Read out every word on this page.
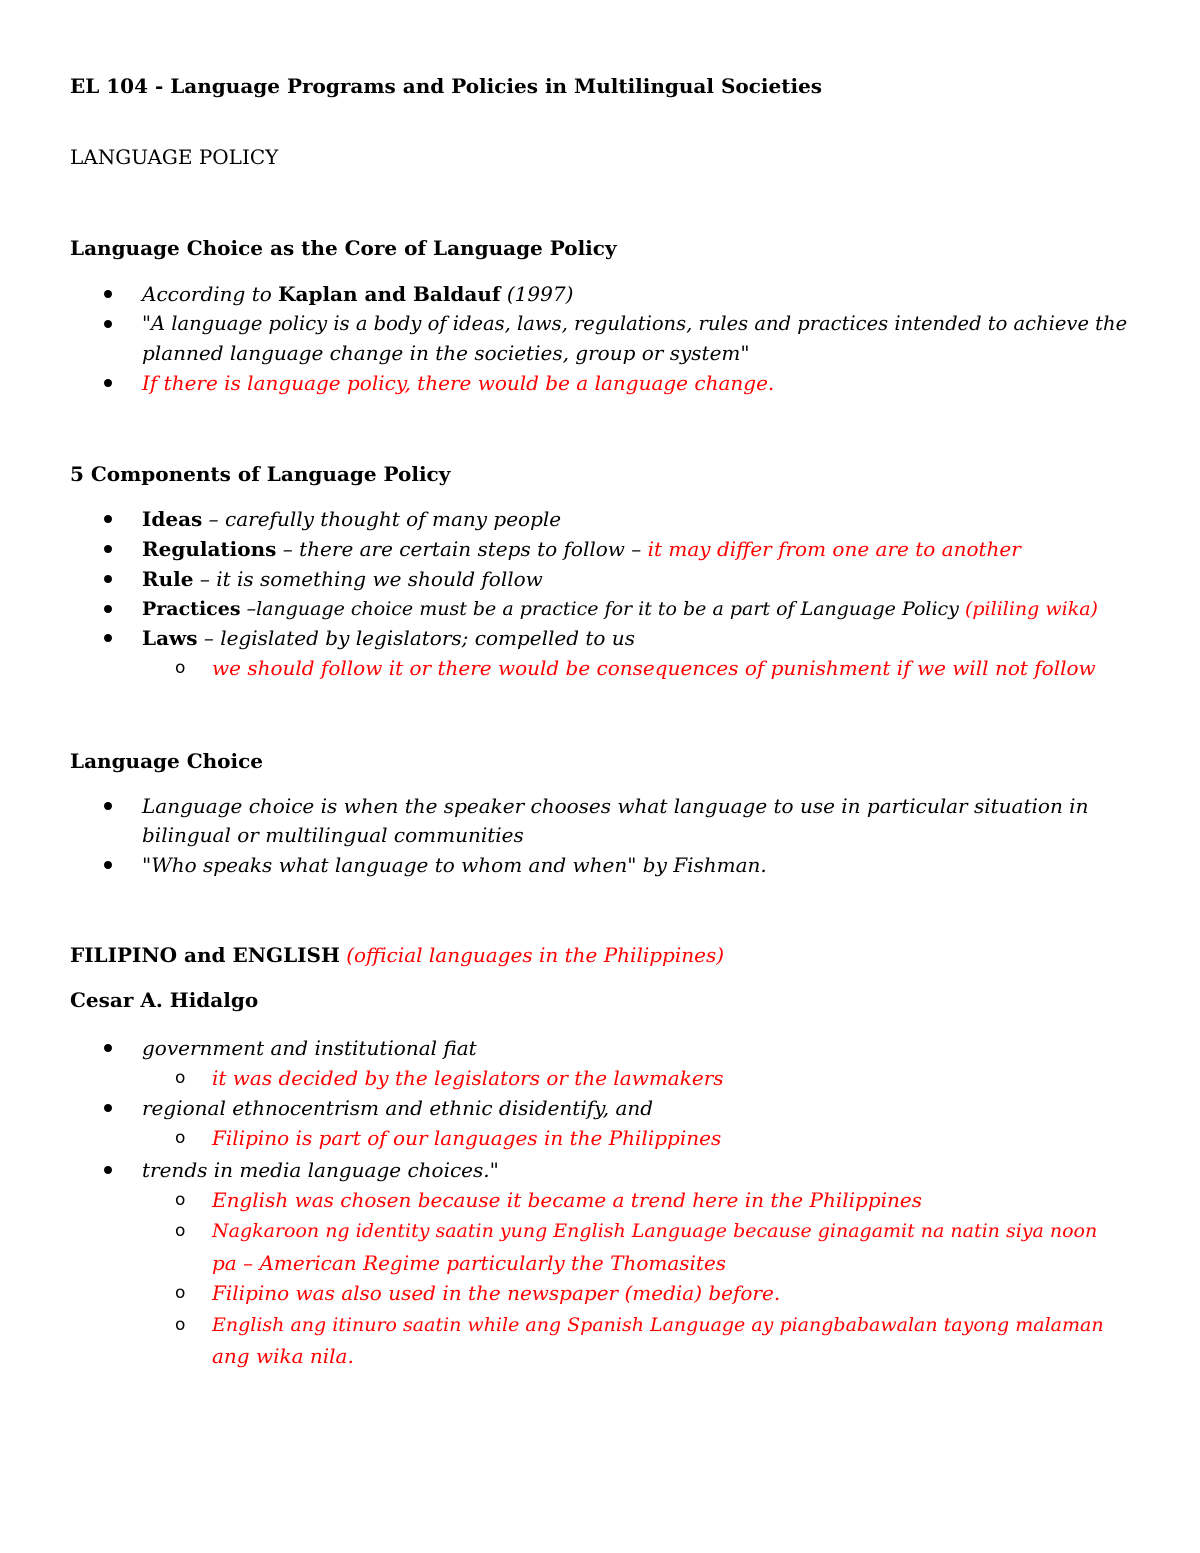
EL 104 - Language Programs and Policies in Multilingual Societies
LANGUAGE POLICY
Language Choice as the Core of Language Policy
According to Kaplan and Baldauf (1997)
"A language policy is a body of ideas, laws, regulations, rules and practices intended to achieve the
planned language change in the societies, group or system"
If there is language policy, there would be a language change.
5 Components of Language Policy
Ideas – carefully thought of many people
Regulations – there are certain steps to follow – it may differ from one are to another
Rule – it is something we should follow
Practices –language choice must be a practice for it to be a part of Language Policy (pililing wika)
Laws – legislated by legislators; compelled to us
o we should follow it or there would be consequences of punishment if we will not follow
Language Choice
Language choice is when the speaker chooses what language to use in particular situation in
bilingual or multilingual communities
"Who speaks what language to whom and when" by Fishman.
FILIPINO and ENGLISH (official languages in the Philippines)
Cesar A. Hidalgo
government and institutional fiat
o it was decided by the legislators or the lawmakers
regional ethnocentrism and ethnic disidentify, and
o Filipino is part of our languages in the Philippines
trends in media language choices."
o English was chosen because it became a trend here in the Philippines
o Nagkaroon ng identity saatin yung English Language because ginagamit na natin siya noon
pa – American Regime particularly the Thomasites
o Filipino was also used in the newspaper (media) before.
o English ang itinuro saatin while ang Spanish Language ay piangbabawalan tayong malaman
ang wika nila.
